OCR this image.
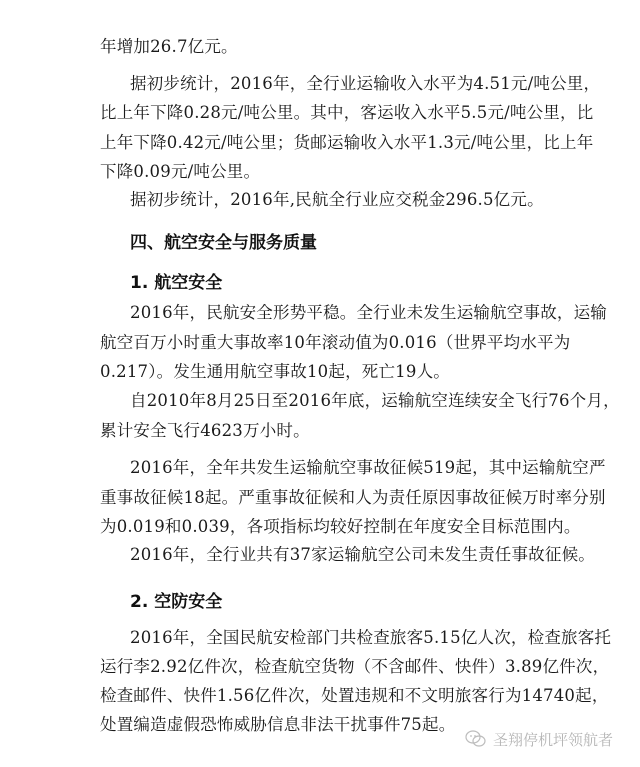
年增加26.7亿元。
据初步统计，2016年，全行业运输收入水平为4.51元/吨公里，
比上年下降0.28元/吨公里。其中，客运收入水平5.5元/吨公里，比
上年下降0.42元/吨公里；货邮运输收入水平1.3元/吨公里，比上年
下降0.09元/吨公里。
据初步统计，2016年,民航全行业应交税金296.5亿元。
四、航空安全与服务质量
1. 航空安全
2016年，民航安全形势平稳。全行业未发生运输航空事故，运输
航空百万小时重大事故率10年滚动值为0.016（世界平均水平为
0.217）。发生通用航空事故10起，死亡19人。
自2010年8月25日至2016年底，运输航空连续安全飞行76个月，
累计安全飞行4623万小时。
2016年，全年共发生运输航空事故征候519起，其中运输航空严
重事故征候18起。严重事故征候和人为责任原因事故征候万时率分别
为0.019和0.039，各项指标均较好控制在年度安全目标范围内。
2016年，全行业共有37家运输航空公司未发生责任事故征候。
2. 空防安全
2016年，全国民航安检部门共检查旅客5.15亿人次，检查旅客托
运行李2.92亿件次，检查航空货物（不含邮件、快件）3.89亿件次，
检查邮件、快件1.56亿件次，处置违规和不文明旅客行为14740起，
处置编造虚假恐怖威胁信息非法干扰事件75起。
圣翔停机坪领航者
